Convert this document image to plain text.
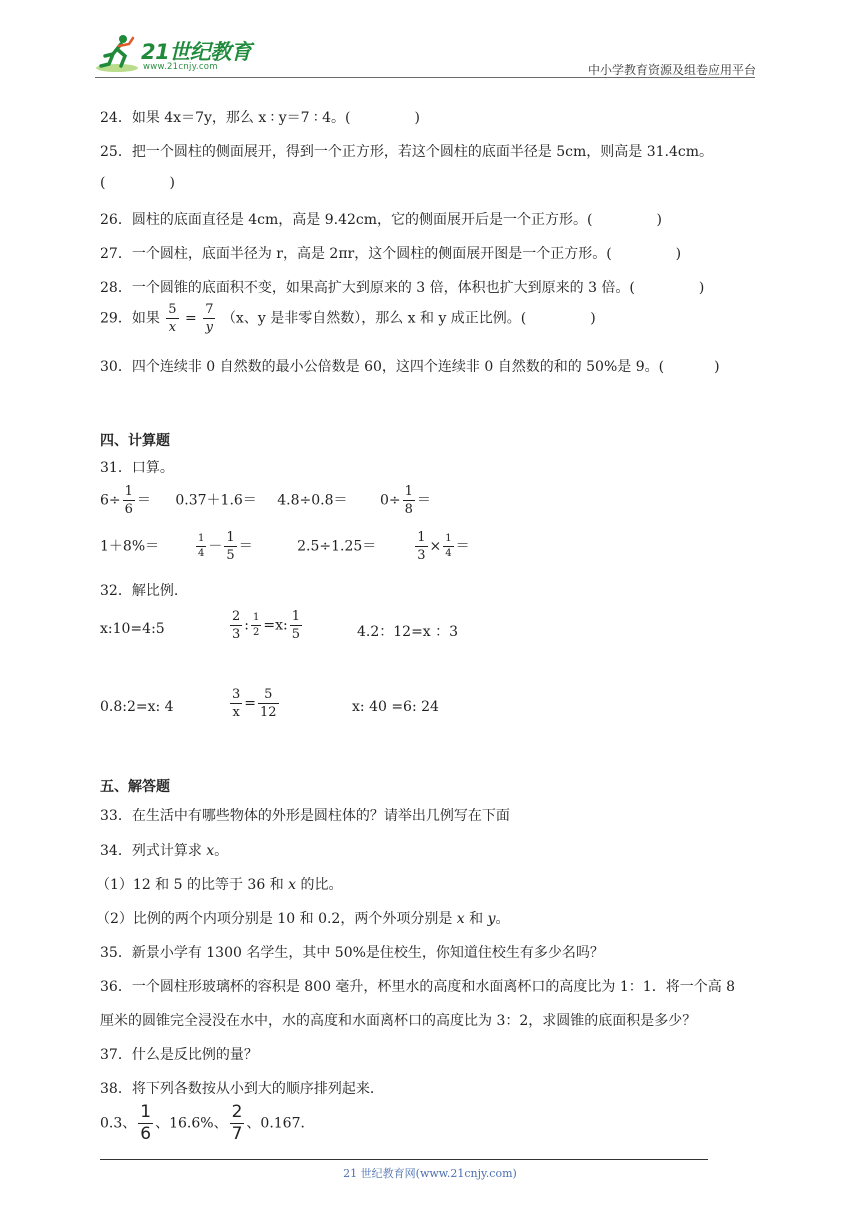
21世纪教育
www.21cnjy.com	中小学教育资源及组卷应用平台
24．如果 4x＝7y，那么 x ∶ y＝7 ∶ 4。(	)
25．把一个圆柱的侧面展开，得到一个正方形，若这个圆柱的底面半径是 5cm，则高是 31.4cm。
(	)
26．圆柱的底面直径是 4cm，高是 9.42cm，它的侧面展开后是一个正方形。(	)
27．一个圆柱，底面半径为 r，高是 2πr，这个圆柱的侧面展开图是一个正方形。(	)
28．一个圆锥的底面积不变，如果高扩大到原来的 3 倍，体积也扩大到原来的 3 倍。(	)
29．如果 $\frac{5}{x} = \frac{7}{y} (x$、y 是非零自然数），那么 x 和 y 成正比例。(	)
30．四个连续非 0 自然数的最小公倍数是 60，这四个连续非 0 自然数的和的 50%是 9。(	)
四、计算题
31．口算。
$6\div \frac{1}{6} = 0.37+1.6= 4.8\div 0.8= 0\div \frac{1}{8}$ ＝
1＋8%＝	$\frac{1}{4} - \frac{1}{5}$ ＝	2.5÷1.25＝	$\frac{1}{3} \times \frac{1}{4}$ ＝
32．解比例.
x:10=4:5	$\frac{2}{3}$ : $\frac{1}{2} =x$: $\frac{1}{5}$	4.2：12=x ：3
0.8:2=x: 4	$\frac{3}{x} = \frac{5}{12}$	x: 40 =6: 24
五、解答题
33．在生活中有哪些物体的外形是圆柱体的？请举出几例写在下面
34．列式计算求 x。
（1）12 和 5 的比等于 36 和 x 的比。
（2）比例的两个内项分别是 10 和 0.2，两个外项分别是 x 和 y。
35．新景小学有 1300 名学生，其中 50%是住校生，你知道住校生有多少名吗？
36．一个圆柱形玻璃杯的容积是 800 毫升，杯里水的高度和水面离杯口的高度比为 1：1．将一个高 8
厘米的圆锥完全浸没在水中，水的高度和水面离杯口的高度比为 3：2，求圆锥的底面积是多少？
37．什么是反比例的量？
38．将下列各数按从小到大的顺序排列起来．
0.3、 $\frac{1}{6}$ 、16.6%、 $\frac{2}{7}$ 、0.167．
21 世纪教育网(www.21cnjy.com)
